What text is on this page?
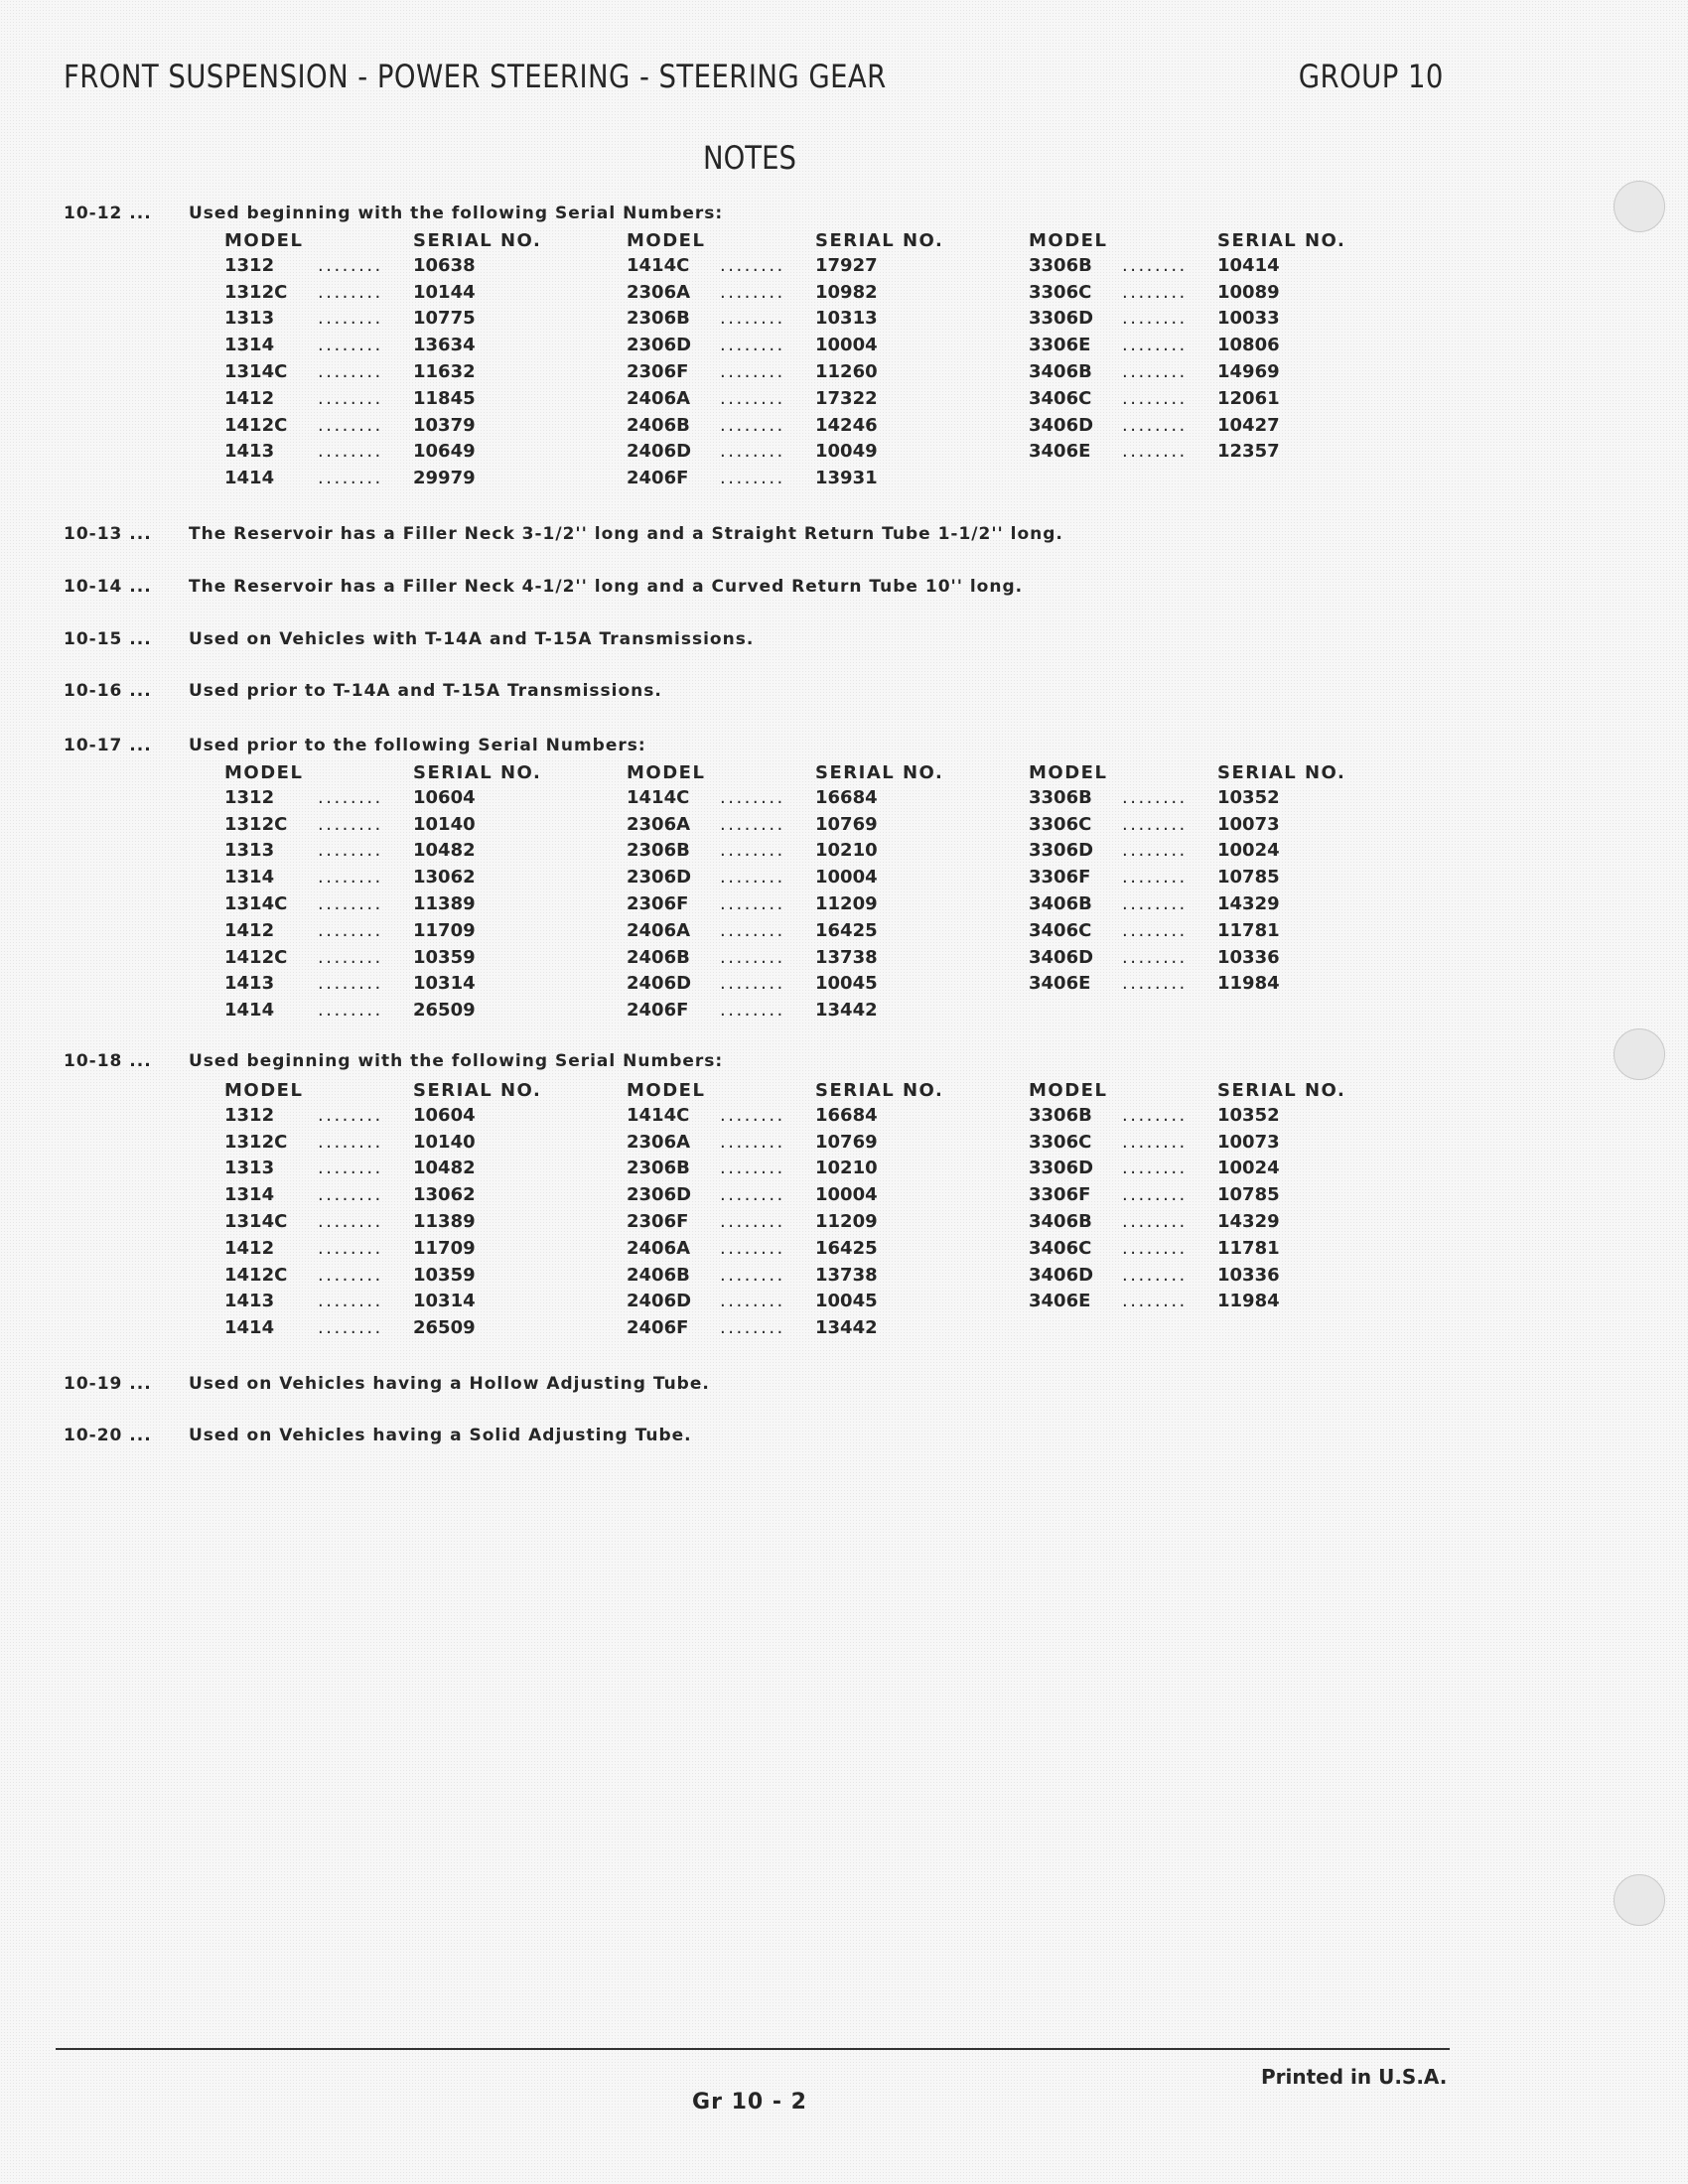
FRONT SUSPENSION - POWER STEERING - STEERING GEAR	GROUP 10
NOTES
10-12 ... Used beginning with the following Serial Numbers:
MODEL	SERIAL NO.	MODEL	SERIAL NO.	MODEL	SERIAL NO.
1312	........	10638	1414C	........	17927	3306B	........	10414
1312C	........	10144	2306A	........	10982	3306C	........	10089
1313	........	10775	2306B	........	10313	3306D	........	10033
1314	........	13634	2306D	........	10004	3306E	........	10806
1314C	........	11632	2306F	........	11260	3406B	........	14969
1412	........	11845	2406A	........	17322	3406C	........	12061
1412C	........	10379	2406B	........	14246	3406D	........	10427
1413	........	10649	2406D	........	10049	3406E	........	12357
1414	........	29979	2406F	........	13931
10-13 ... The Reservoir has a Filler Neck 3-1/2'' long and a Straight Return Tube 1-1/2'' long.
10-14 ... The Reservoir has a Filler Neck 4-1/2'' long and a Curved Return Tube 10'' long.
10-15 ... Used on Vehicles with T-14A and T-15A Transmissions.
10-16 ... Used prior to T-14A and T-15A Transmissions.
10-17 ... Used prior to the following Serial Numbers:
MODEL	SERIAL NO.	MODEL	SERIAL NO.	MODEL	SERIAL NO.
1312	........	10604	1414C	........	16684	3306B	........	10352
1312C	........	10140	2306A	........	10769	3306C	........	10073
1313	........	10482	2306B	........	10210	3306D	........	10024
1314	........	13062	2306D	........	10004	3306F	........	10785
1314C	........	11389	2306F	........	11209	3406B	........	14329
1412	........	11709	2406A	........	16425	3406C	........	11781
1412C	........	10359	2406B	........	13738	3406D	........	10336
1413	........	10314	2406D	........	10045	3406E	........	11984
1414	........	26509	2406F	........	13442
10-18 ... Used beginning with the following Serial Numbers:
MODEL	SERIAL NO.	MODEL	SERIAL NO.	MODEL	SERIAL NO.
1312	........	10604	1414C	........	16684	3306B	........	10352
1312C	........	10140	2306A	........	10769	3306C	........	10073
1313	........	10482	2306B	........	10210	3306D	........	10024
1314	........	13062	2306D	........	10004	3306F	........	10785
1314C	........	11389	2306F	........	11209	3406B	........	14329
1412	........	11709	2406A	........	16425	3406C	........	11781
1412C	........	10359	2406B	........	13738	3406D	........	10336
1413	........	10314	2406D	........	10045	3406E	........	11984
1414	........	26509	2406F	........	13442
10-19 ... Used on Vehicles having a Hollow Adjusting Tube.
10-20 ... Used on Vehicles having a Solid Adjusting Tube.
Printed in U.S.A.
Gr 10 - 2
